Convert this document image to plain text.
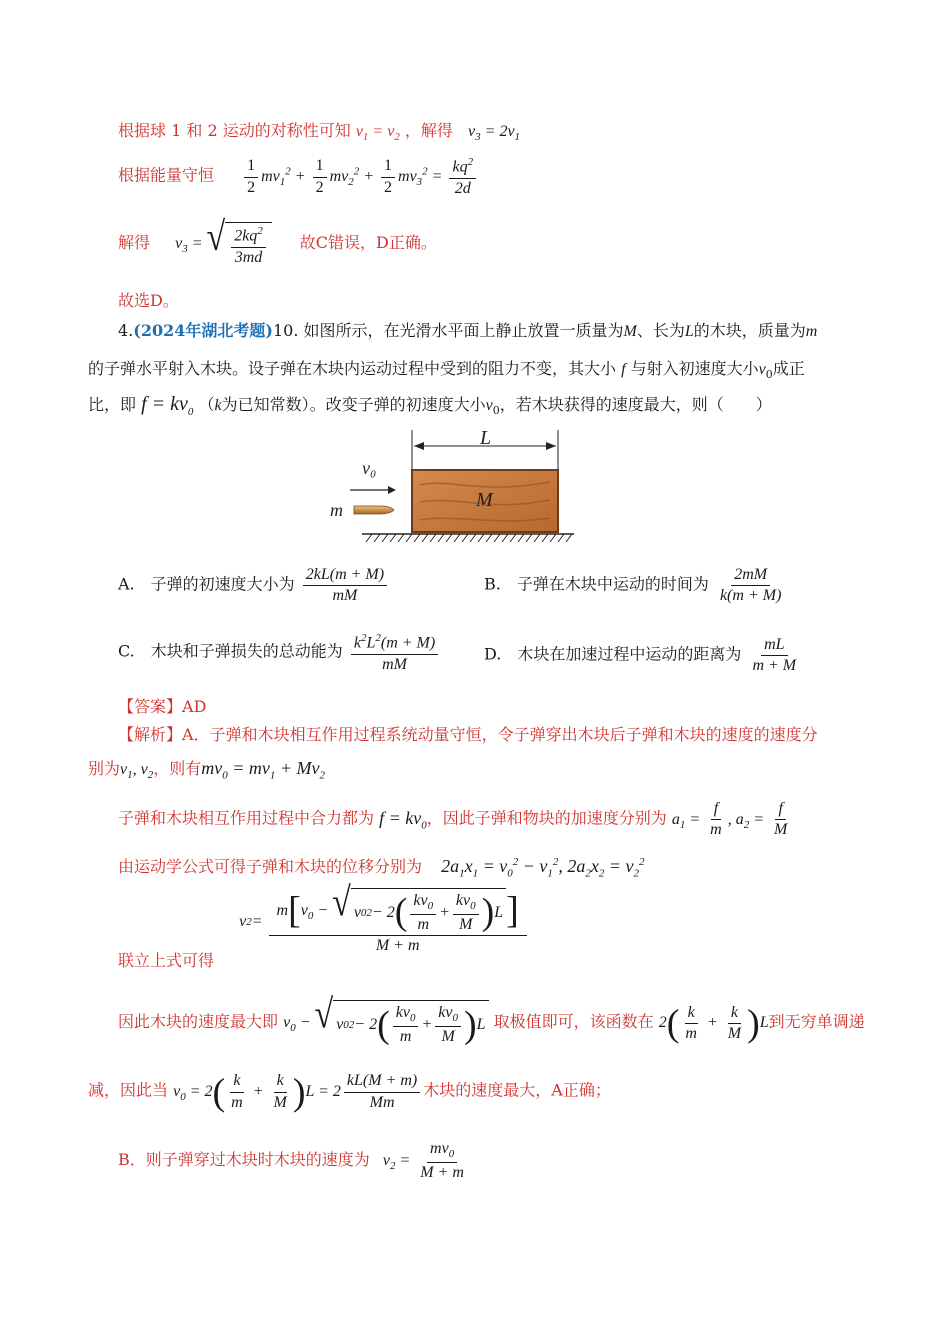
根据球 1 和 2 运动的对称性可知 $v_1 = v_2$ ，解得 $v_3 = 2v_1$
根据能量守恒 $\frac{1}{2} mv_1^2 + \frac{1}{2} mv_2^2 + \frac{1}{2} mv_3^2 = \frac{kq^2}{2d}$
解得 $v_3$ = √ $\frac{2kq^2}{3md}$ 故C错误，D正确。
故选D。
4.(2024年湖北考题)10. 如图所示，在光滑水平面上静止放置一质量为M、长为L的木块，质量为m
的子弹水平射入木块。设子弹在木块内运动过程中受到的阻力不变，其大小 f 与射入初速度大小$v_0$成正
比，即 $f = kv_0$ （k为已知常数）。改变子弹的初速度大小$v_0$，若木块获得的速度最大，则（　　）
L
M
v₀
m
A.　子弹的初速度大小为 $\frac{2kL(m + M)}{mM}$	B.　子弹在木块中运动的时间为 $\frac{2mM}{k(m + M)}$
C.　木块和子弹损失的总动能为 $\frac{k^2L^2(m + M)}{mM}$	D.　木块在加速过程中运动的距离为 $\frac{mL}{m + M}$
【答案】AD
【解析】A．子弹和木块相互作用过程系统动量守恒，令子弹穿出木块后子弹和木块的速度的速度分
别为$v_1$, $v_2$，则有$mv_0 = mv_1 + Mv_2$
子弹和木块相互作用过程中合力都为 $f = kv_0$，因此子弹和物块的加速度分别为 $a_1 = \frac{f}{m}$ , $a_2 = \frac{f}{M}$
由运动学公式可得子弹和木块的位移分别为 $2a_1x_1 = v_0^2 - v_1^2$, $2a_2x_2 = v_2^2$
联立上式可得 v $2 = \frac{m[v_0 - √ v 0 2 - 2 ( \frac{kv_0}{m} + \frac{kv_0}{M} ) L ]}{M + m}$
因此木块的速度最大即 $v_0$ − √ v 0 2 − 2 ( $\frac{kv_0}{m} + \frac{kv_0}{M}$ ) L 取极值即可，该函数在 $2( \frac{k}{m} + \frac{k}{M} )L$到无穷单调递
减，因此当 $v_0 = 2( \frac{k}{m} + \frac{k}{M} )L = 2 \frac{kL(M + m)}{Mm}$ 木块的速度最大，A正确；
B．则子弹穿过木块时木块的速度为 $v_2 = \frac{mv_0}{M + m}$
